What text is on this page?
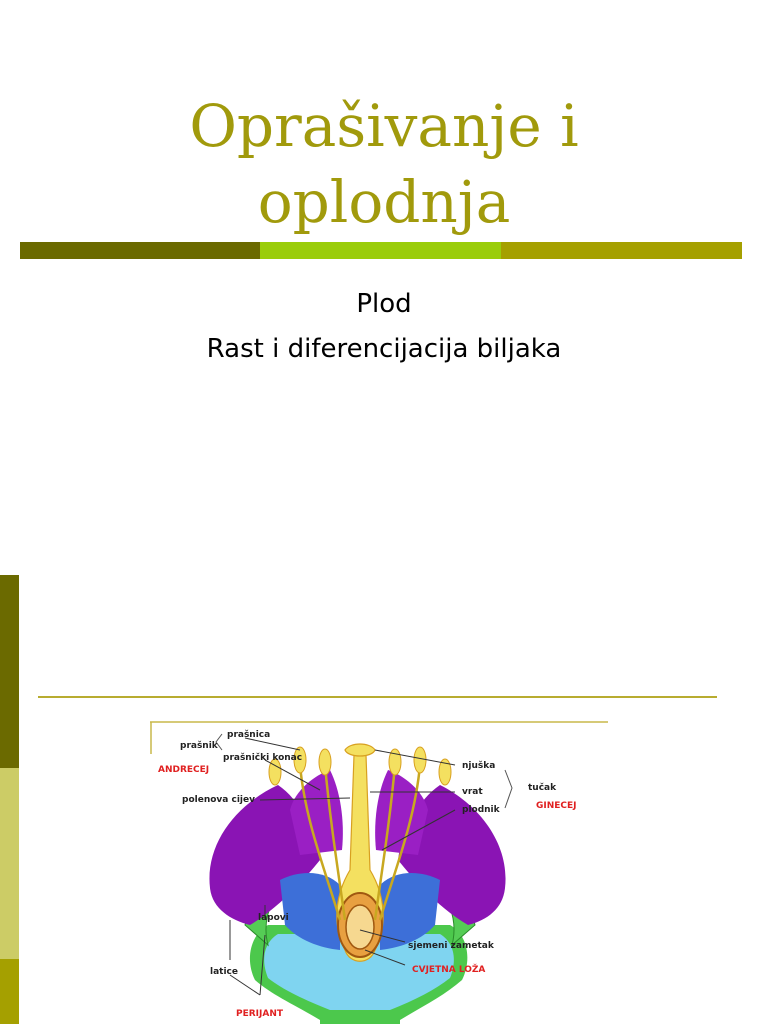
Oprašivanje i
oplodnja
Plod
Rast i diferencijacija biljaka
prašnica
prašnik
prašnički konac
polenova cijev
njuška
vrat
plodnik
tučak
lapovi
latice
sjemeni zametak
ANDRECEJ
GINECEJ
CVJETNA LOŽA
PERIJANT
